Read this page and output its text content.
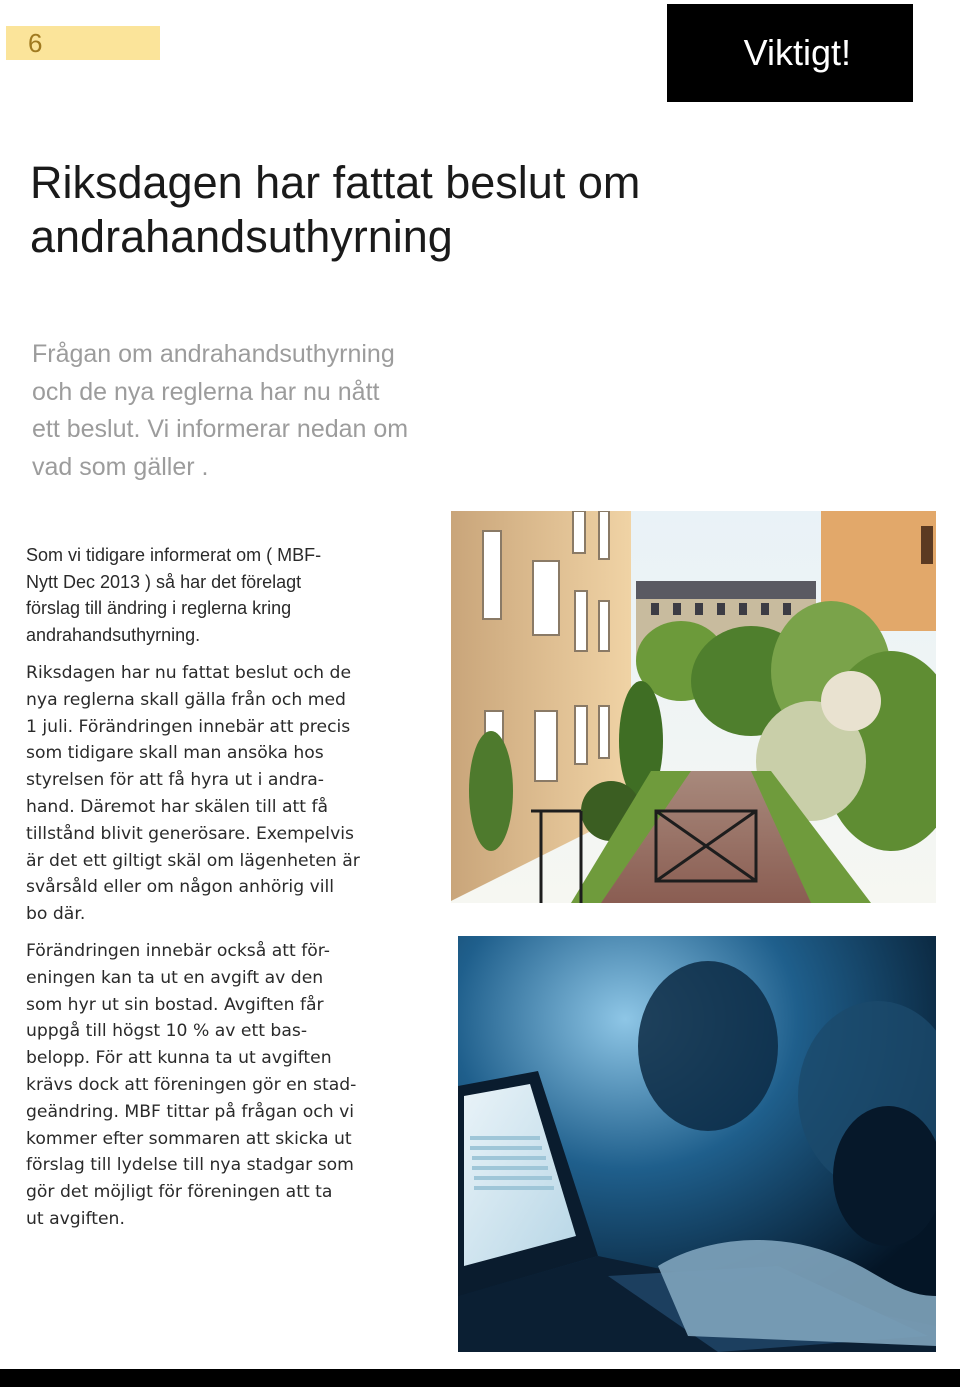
6	Viktigt!
Riksdagen har fattat beslut om
andrahandsuthyrning
Frågan om andrahandsuthyrning
och de nya reglerna har nu nått
ett beslut. Vi informerar nedan om
vad som gäller .
Som vi tidigare informerat om ( MBF-
Nytt Dec 2013 ) så har det förelagt
förslag till ändring i reglerna kring
andrahandsuthyrning.
Riksdagen har nu fattat beslut och de
nya reglerna skall gälla från och med
1 juli. Förändringen innebär att precis
som tidigare skall man ansöka hos
styrelsen för att få hyra ut i andra-
hand. Däremot har skälen till att få
tillstånd blivit generösare. Exempelvis
är det ett giltigt skäl om lägenheten är
svårsåld eller om någon anhörig vill
bo där.
Förändringen innebär också att för-
eningen kan ta ut en avgift av den
som hyr ut sin bostad. Avgiften får
uppgå till högst 10 % av ett bas-
belopp. För att kunna ta ut avgiften
krävs dock att föreningen gör en stad-
geändring. MBF tittar på frågan och vi
kommer efter sommaren att skicka ut
förslag till lydelse till nya stadgar som
gör det möjligt för föreningen att ta
ut avgiften.
